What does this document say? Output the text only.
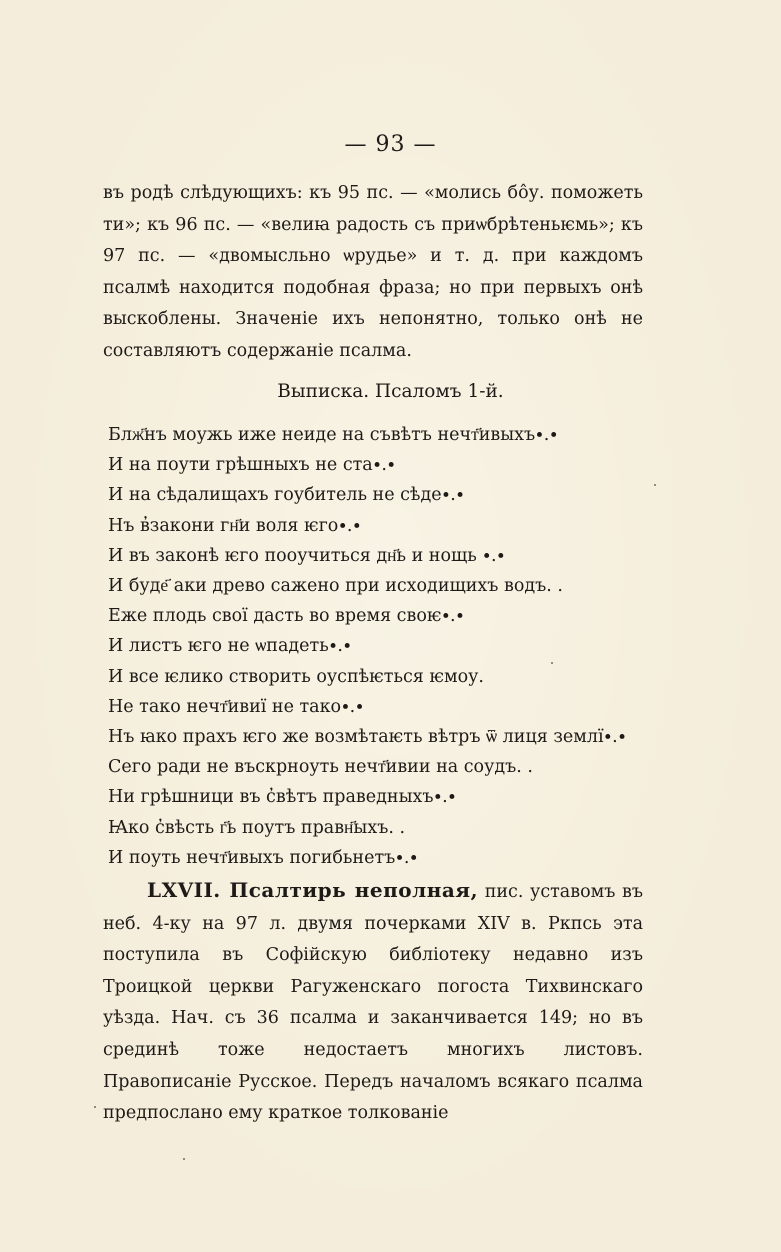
— 93 —

въ родѣ слѣдующихъ: къ 95 пс. — «молись бôу. поможеть ти»; къ 96 пс. — «велиꙗ радость съ приѡбрѣтеньѥмь»; къ 97 пс. — «двомысльно ѡрудье» и т. д. при каждомъ псалмѣ находится подобная фраза; но при первыхъ онѣ выскоблены. Значеніе ихъ непонятно, только онѣ не составляютъ содержаніе псалма.

Выписка. Псаломъ 1-й.
Блж҃нъ моужь иже неиде на съвѣтъ нечт҃ивыхъ∙.∙
И на поути грѣшныхъ не ста∙.∙
И на сѣдалищахъ гоубитель не сѣде∙.∙
Нъ в̓закони гн҃и воля ѥго∙.∙
И въ законѣ ѥго пооучиться дн҃ь и нощь ∙.∙
И буде҃ аки древо сажено при исходищихъ водъ. .
Еже плодь свої дасть во время своѥ∙.∙
И листъ ѥго не ѡпадеть∙.∙
И все ѥлико створить оуспѣѥться ѥмоу.
Не тако нечт҃ивиї не тако∙.∙
Нъ ꙗко прахъ ѥго же возмѣтаѥть вѣтръ ѿ лиця землї∙.∙
Сего ради не въскрноуть нечт҃ивии на соудъ. .
Ни грѣшници въ с̓вѣтъ праведныхъ∙.∙
Ꙗко с̓вѣсть г҃ь поутъ правн҃ыхъ. .
И поуть нечт҃ивыхъ погибьнетъ∙.∙

LXVII. Псалтирь неполная, пис. уставомъ въ неб. 4-ку на 97 л. двумя почерками XIV в. Ркпсь эта поступила въ Софійскую библіотеку недавно изъ Троицкой церкви Рагуженскаго погоста Тихвинскаго уѣзда. Нач. съ 36 псалма и заканчивается 149; но въ срединѣ тоже недостаетъ многихъ листовъ. Правописаніе Русское. Передъ началомъ всякаго псалма предпослано ему краткое толкованіе
